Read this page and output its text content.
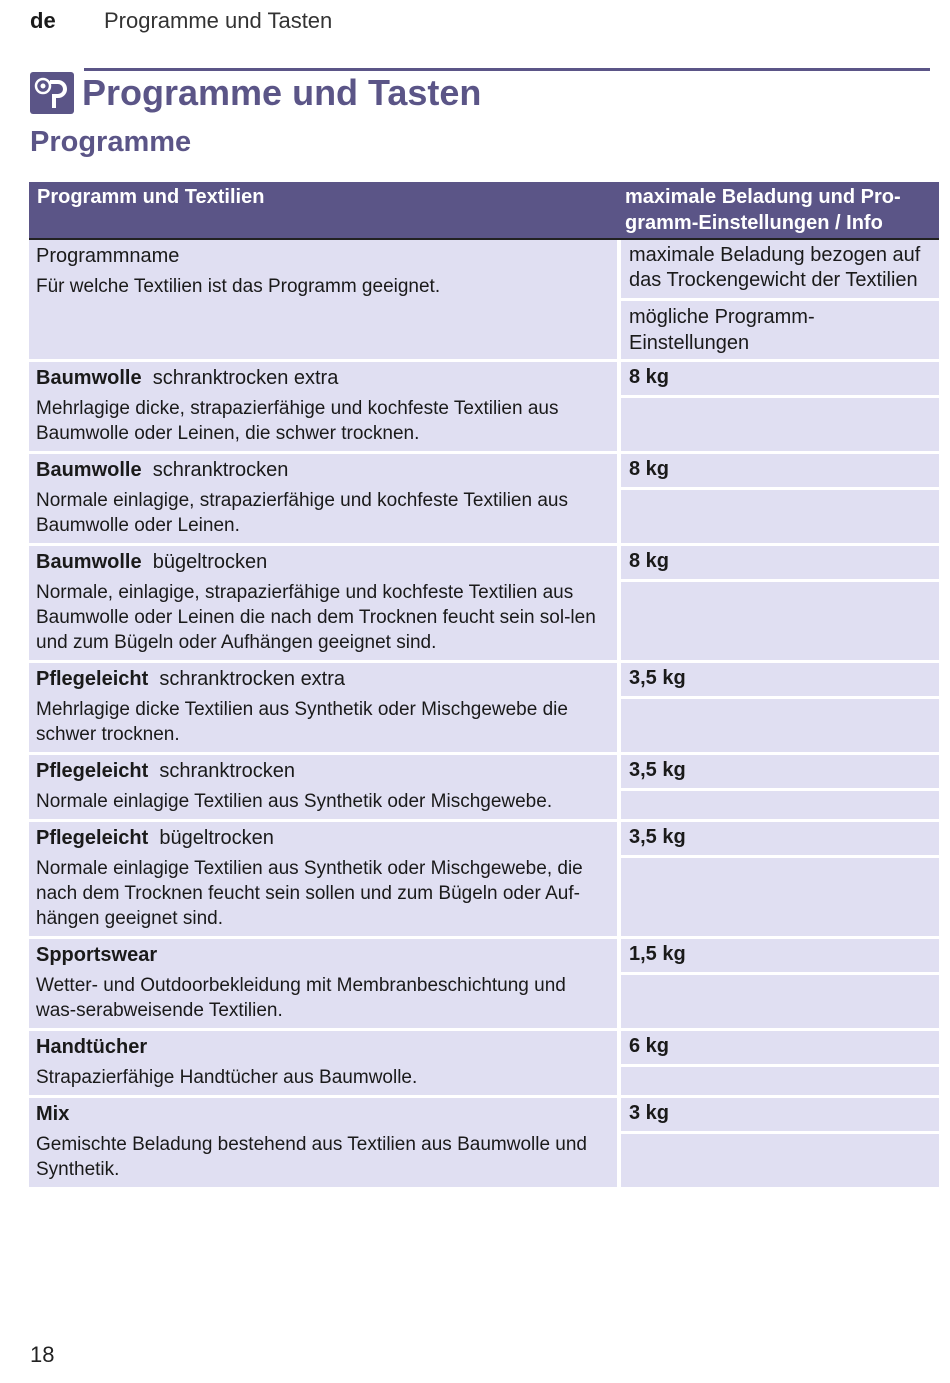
de Programme und Tasten
Programme und Tasten
Programme
Programm und Textilien	maximale Beladung und Pro-gramm-Einstellungen / Info
Programmname
Für welche Textilien ist das Programm geeignet.
maximale Beladung bezogen auf das Trockengewicht der Textilien
mögliche Programm-Einstellungen
Baumwolle schranktrocken extra
Mehrlagige dicke, strapazierfähige und kochfeste Textilien aus Baumwolle oder Leinen, die schwer trocknen.
8 kg
Baumwolle schranktrocken
Normale einlagige, strapazierfähige und kochfeste Textilien aus Baumwolle oder Leinen.
8 kg
Baumwolle bügeltrocken
Normale, einlagige, strapazierfähige und kochfeste Textilien aus Baumwolle oder Leinen die nach dem Trocknen feucht sein sol-len und zum Bügeln oder Aufhängen geeignet sind.
8 kg
Pflegeleicht schranktrocken extra
Mehrlagige dicke Textilien aus Synthetik oder Mischgewebe die schwer trocknen.
3,5 kg
Pflegeleicht schranktrocken
Normale einlagige Textilien aus Synthetik oder Mischgewebe.
3,5 kg
Pflegeleicht bügeltrocken
Normale einlagige Textilien aus Synthetik oder Mischgewebe, die nach dem Trocknen feucht sein sollen und zum Bügeln oder Auf-hängen geeignet sind.
3,5 kg
Spportswear
Wetter- und Outdoorbekleidung mit Membranbeschichtung und was-serabweisende Textilien.
1,5 kg
Handtücher
Strapazierfähige Handtücher aus Baumwolle.
6 kg
Mix
Gemischte Beladung bestehend aus Textilien aus Baumwolle und Synthetik.
3 kg
18
